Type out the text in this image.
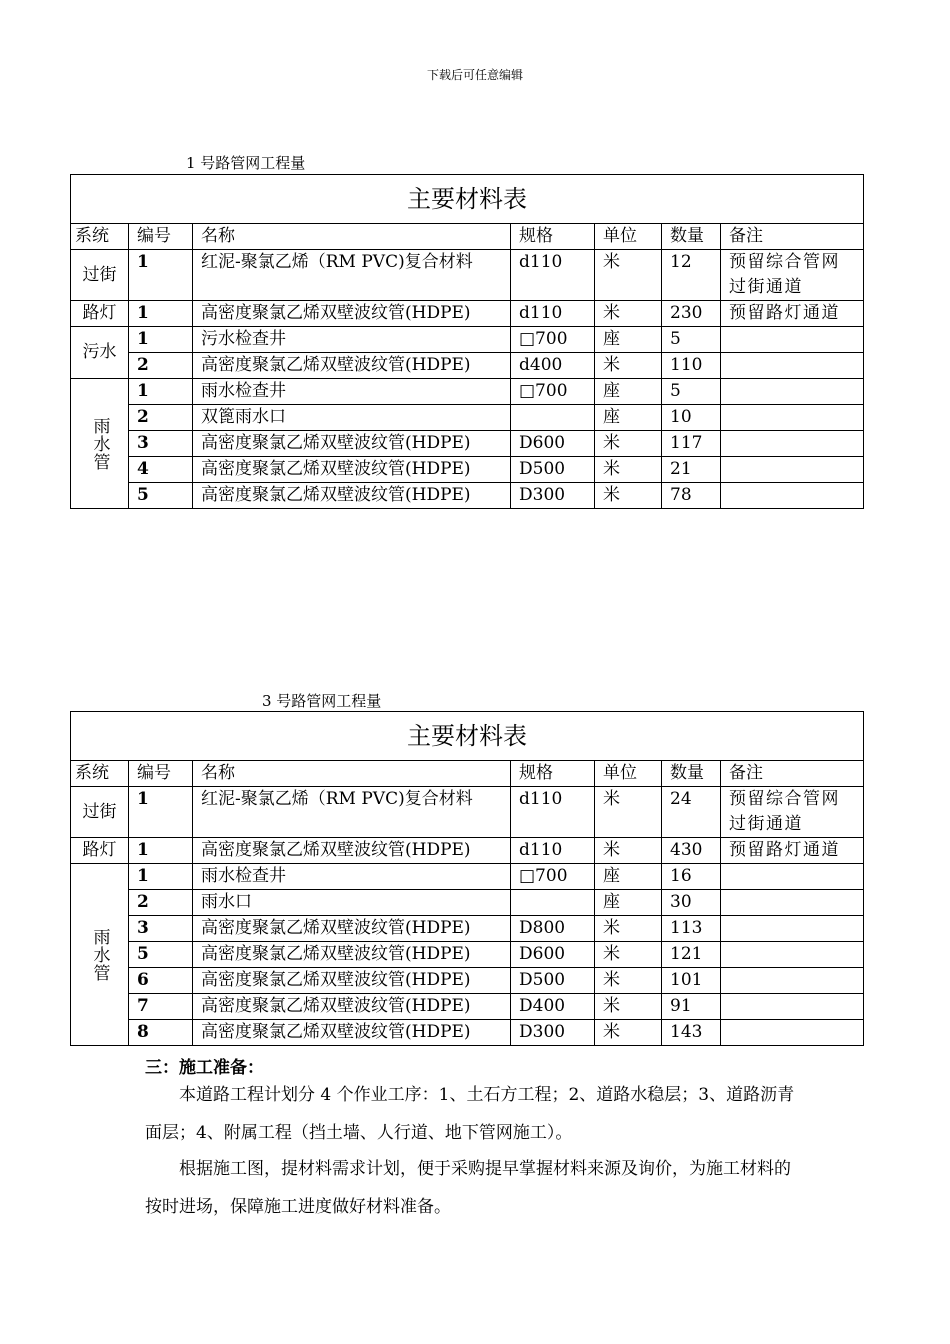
下载后可任意编辑
1 号路管网工程量
主要材料表						
系统	编号	名称	规格	单位	数量	备注
过街	1	红泥-聚氯乙烯（RM PVC)复合材料	d110	米	12	预留综合管网过街通道
路灯	1	高密度聚氯乙烯双壁波纹管(HDPE)	d110	米	230	预留路灯通道
污水	1	污水检查井	□700	座	5	
	2	高密度聚氯乙烯双壁波纹管(HDPE)	d400	米	110	
雨水管	1	雨水检查井	□700	座	5	
	2	双篦雨水口		座	10	
	3	高密度聚氯乙烯双壁波纹管(HDPE)	D600	米	117	
	4	高密度聚氯乙烯双壁波纹管(HDPE)	D500	米	21	
	5	高密度聚氯乙烯双壁波纹管(HDPE)	D300	米	78	
3 号路管网工程量
主要材料表						
系统	编号	名称	规格	单位	数量	备注
过街	1	红泥-聚氯乙烯（RM PVC)复合材料	d110	米	24	预留综合管网过街通道
路灯	1	高密度聚氯乙烯双壁波纹管(HDPE)	d110	米	430	预留路灯通道
雨水管	1	雨水检查井	□700	座	16	
	2	雨水口		座	30	
	3	高密度聚氯乙烯双壁波纹管(HDPE)	D800	米	113	
	5	高密度聚氯乙烯双壁波纹管(HDPE)	D600	米	121	
	6	高密度聚氯乙烯双壁波纹管(HDPE)	D500	米	101	
	7	高密度聚氯乙烯双壁波纹管(HDPE)	D400	米	91	
	8	高密度聚氯乙烯双壁波纹管(HDPE)	D300	米	143	
三：施工准备：
本道路工程计划分 4 个作业工序：1、土石方工程；2、道路水稳层；3、道路沥青面层；4、附属工程（挡土墙、人行道、地下管网施工）。
根据施工图，提材料需求计划，便于采购提早掌握材料来源及询价，为施工材料的按时进场，保障施工进度做好材料准备。
